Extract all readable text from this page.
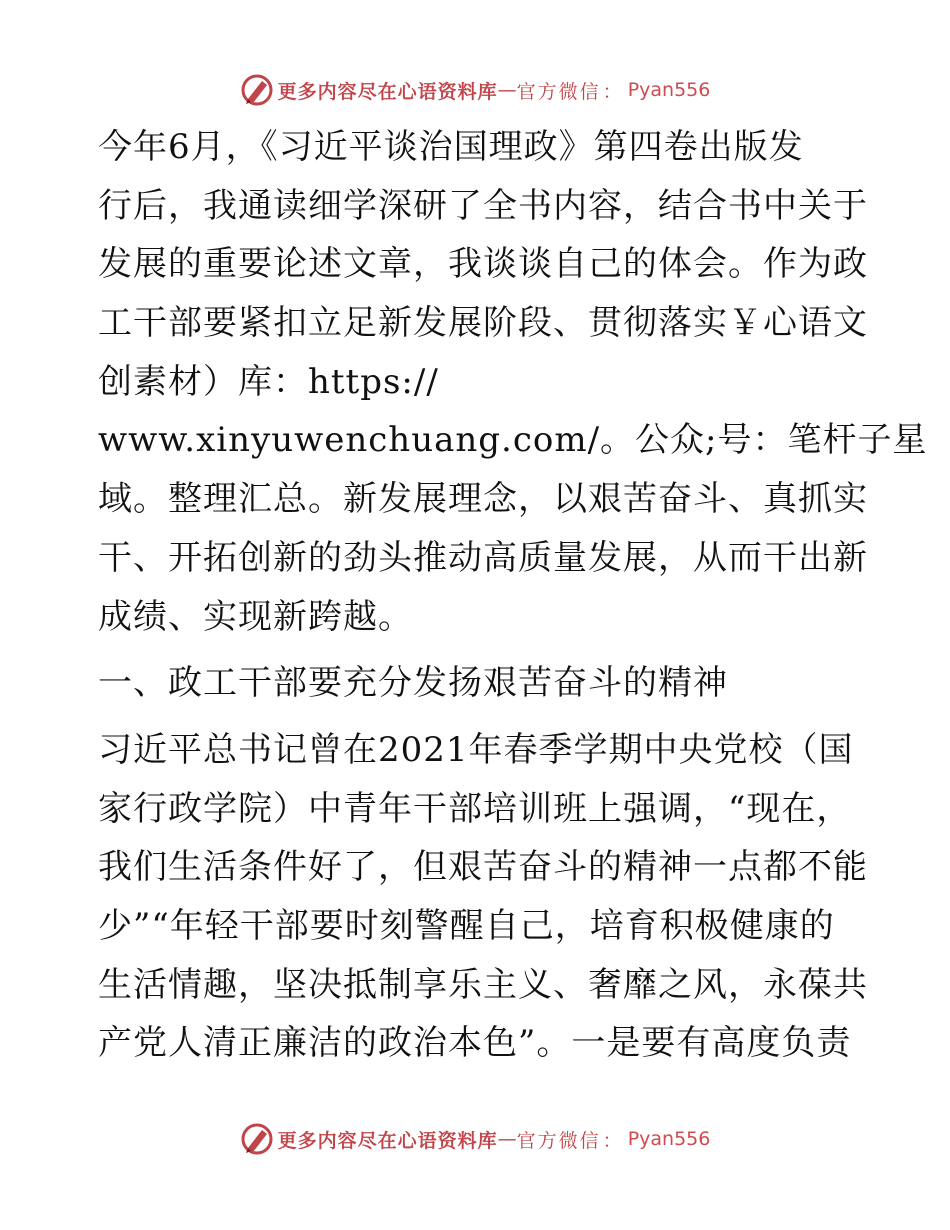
更多内容尽在心语资料库 — 官方微信 ： Pyan556
今年6月，《习近平谈治国理政》第四卷出版发
行后，我通读细学深研了全书内容，结合书中关于
发展的重要论述文章，我谈谈自己的体会。作为政
工干部要紧扣立足新发展阶段、贯彻落实￥心语文
创素材）库：https://
www.xinyuwenchuang.com/。公众;号：笔杆子星
域。整理汇总。新发展理念，以艰苦奋斗、真抓实
干、开拓创新的劲头推动高质量发展，从而干出新
成绩、实现新跨越。
一、政工干部要充分发扬艰苦奋斗的精神
习近平总书记曾在2021年春季学期中央党校（国
家行政学院）中青年干部培训班上强调，“现在，
我们生活条件好了，但艰苦奋斗的精神一点都不能
少”“年轻干部要时刻警醒自己，培育积极健康的
生活情趣，坚决抵制享乐主义、奢靡之风，永葆共
产党人清正廉洁的政治本色”。一是要有高度负责
更多内容尽在心语资料库 — 官方微信 ： Pyan556
